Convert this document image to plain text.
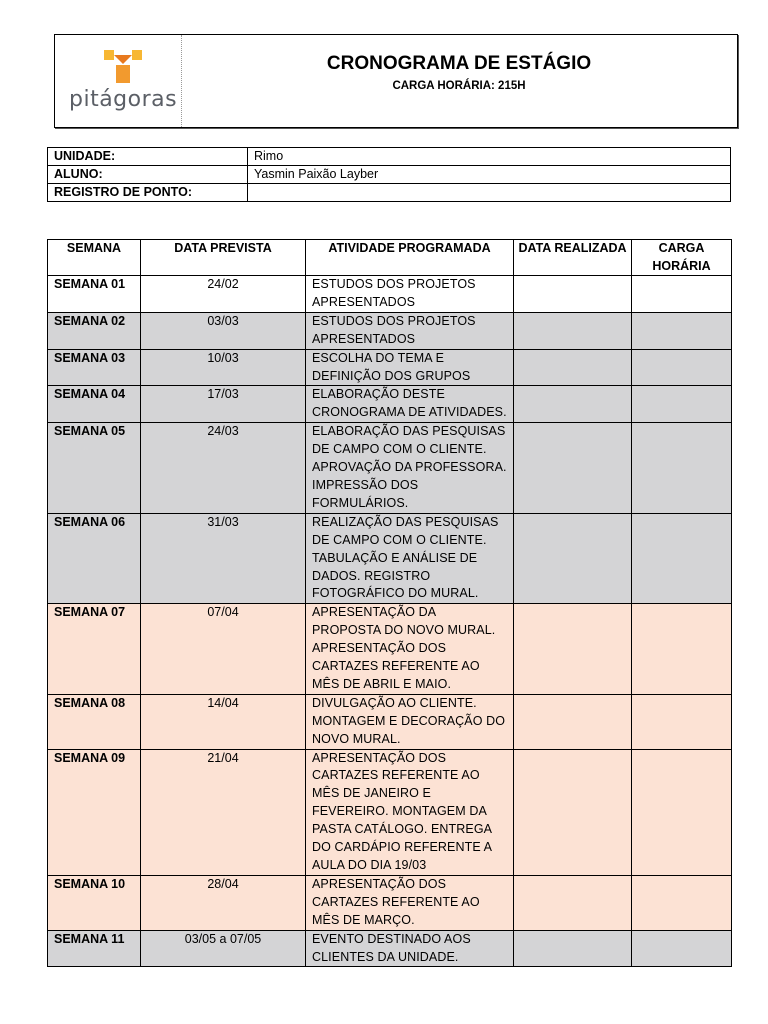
pitágoras
CRONOGRAMA DE ESTÁGIO
CARGA HORÁRIA: 215H
UNIDADE:	Rimo
ALUNO:	Yasmin Paixão Layber
REGISTRO DE PONTO:	
SEMANA	DATA PREVISTA	ATIVIDADE PROGRAMADA	DATA REALIZADA	CARGA HORÁRIA
SEMANA 01	24/02	ESTUDOS DOS PROJETOS APRESENTADOS		
SEMANA 02	03/03	ESTUDOS DOS PROJETOS APRESENTADOS		
SEMANA 03	10/03	ESCOLHA DO TEMA E DEFINIÇÃO DOS GRUPOS		
SEMANA 04	17/03	ELABORAÇÃO DESTE CRONOGRAMA DE ATIVIDADES.		
SEMANA 05	24/03	ELABORAÇÃO DAS PESQUISAS DE CAMPO COM O CLIENTE. APROVAÇÃO DA PROFESSORA. IMPRESSÃO DOS FORMULÁRIOS.		
SEMANA 06	31/03	REALIZAÇÃO DAS PESQUISAS DE CAMPO COM O CLIENTE. TABULAÇÃO E ANÁLISE DE DADOS. REGISTRO FOTOGRÁFICO DO MURAL.		
SEMANA 07	07/04	APRESENTAÇÃO DA PROPOSTA DO NOVO MURAL. APRESENTAÇÃO DOS CARTAZES REFERENTE AO MÊS DE ABRIL E MAIO.		
SEMANA 08	14/04	DIVULGAÇÃO AO CLIENTE. MONTAGEM E DECORAÇÃO DO NOVO MURAL.		
SEMANA 09	21/04	APRESENTAÇÃO DOS CARTAZES REFERENTE AO MÊS DE JANEIRO E FEVEREIRO. MONTAGEM DA PASTA CATÁLOGO. ENTREGA DO CARDÁPIO REFERENTE A AULA DO DIA 19/03		
SEMANA 10	28/04	APRESENTAÇÃO DOS CARTAZES REFERENTE AO MÊS DE MARÇO.		
SEMANA 11	03/05 a 07/05	EVENTO DESTINADO AOS CLIENTES DA UNIDADE.		
